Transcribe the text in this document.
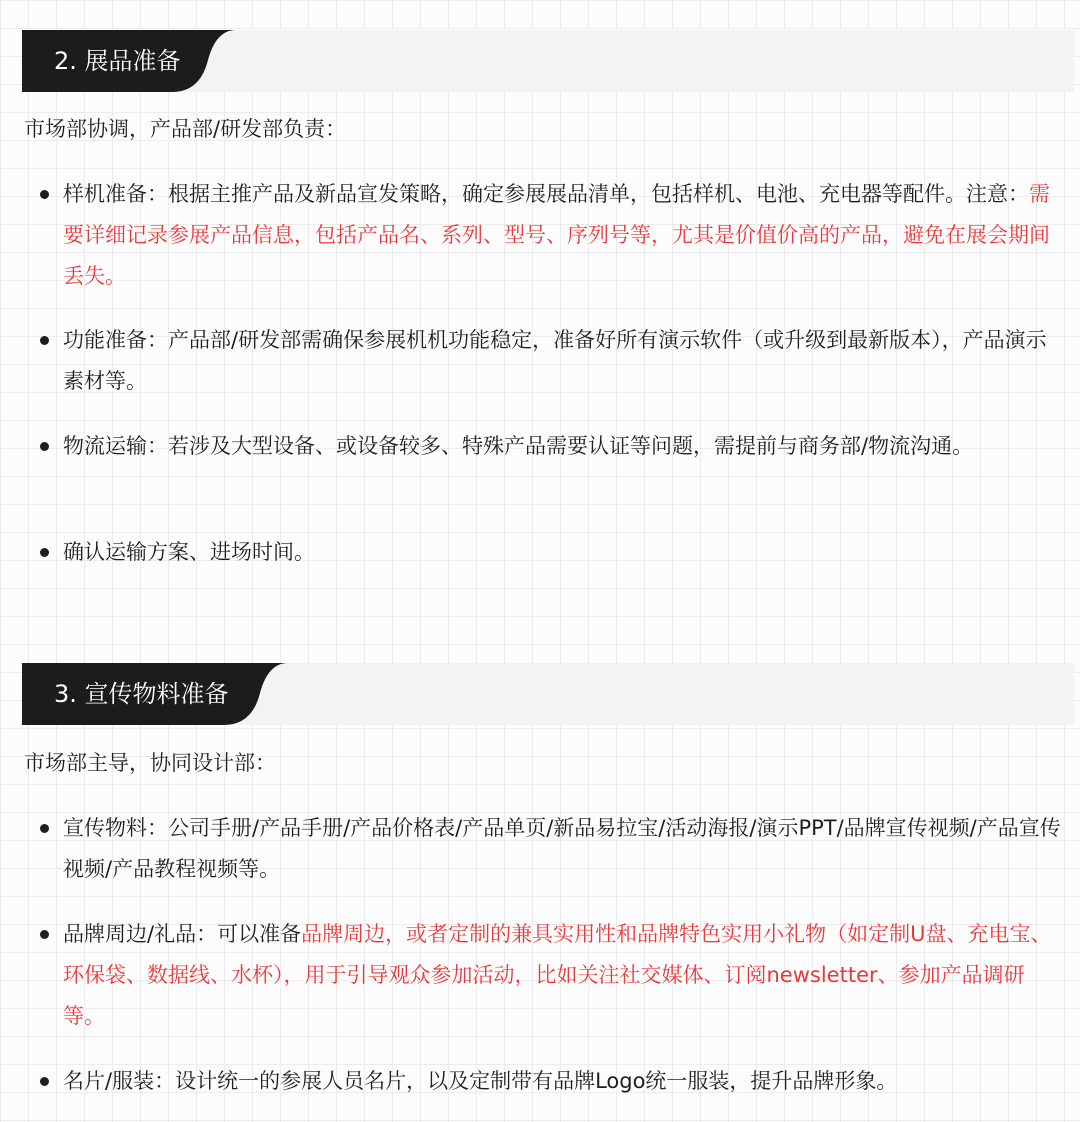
2. 展品准备

市场部协调，产品部/研发部负责：

样机准备：根据主推产品及新品宣发策略，确定参展展品清单，包括样机、电池、充电器等配件。注意：需要详细记录参展产品信息，包括产品名、系列、型号、序列号等，尤其是价值价高的产品，避免在展会期间丢失。

功能准备：产品部/研发部需确保参展机机功能稳定，准备好所有演示软件（或升级到最新版本），产品演示素材等。

物流运输：若涉及大型设备、或设备较多、特殊产品需要认证等问题，需提前与商务部/物流沟通。

确认运输方案、进场时间。

3. 宣传物料准备

市场部主导，协同设计部：

宣传物料：公司手册/产品手册/产品价格表/产品单页/新品易拉宝/活动海报/演示PPT/品牌宣传视频/产品宣传视频/产品教程视频等。

品牌周边/礼品：可以准备品牌周边，或者定制的兼具实用性和品牌特色实用小礼物（如定制U盘、充电宝、环保袋、数据线、水杯），用于引导观众参加活动，比如关注社交媒体、订阅newsletter、参加产品调研等。

名片/服装：设计统一的参展人员名片，以及定制带有品牌Logo统一服装，提升品牌形象。
